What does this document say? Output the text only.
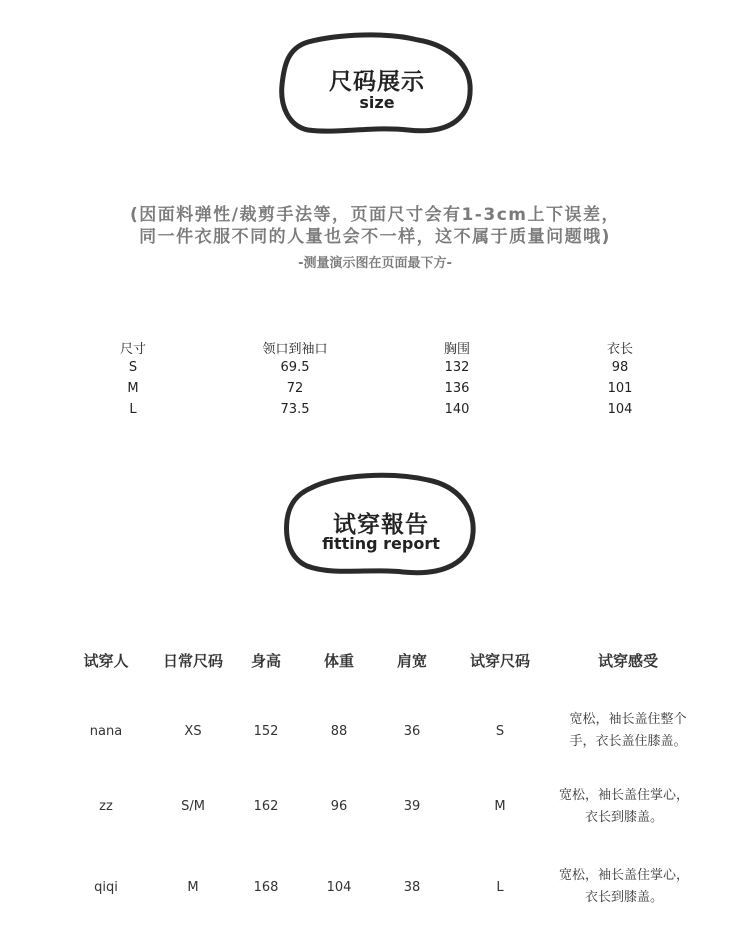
尺码展示
size
(因面料弹性/裁剪手法等，页面尺寸会有1-3cm上下误差，
同一件衣服不同的人量也会不一样，这不属于质量问题哦)
-测量演示图在页面最下方-
尺寸	领口到袖口	胸围	衣长
S	69.5	132	98
M	72	136	101
L	73.5	140	104
试穿報告
fitting report
试穿人 日常尺码 身高	体重	肩宽	试穿尺码	试穿感受
nana	XS	152	88	36	S
宽松，袖长盖住整个
手，衣长盖住膝盖。
zz	S/M	162	96	39	M
宽松，袖长盖住掌心，
衣长到膝盖。
qiqi	M	168	104	38	L
宽松，袖长盖住掌心，
衣长到膝盖。
